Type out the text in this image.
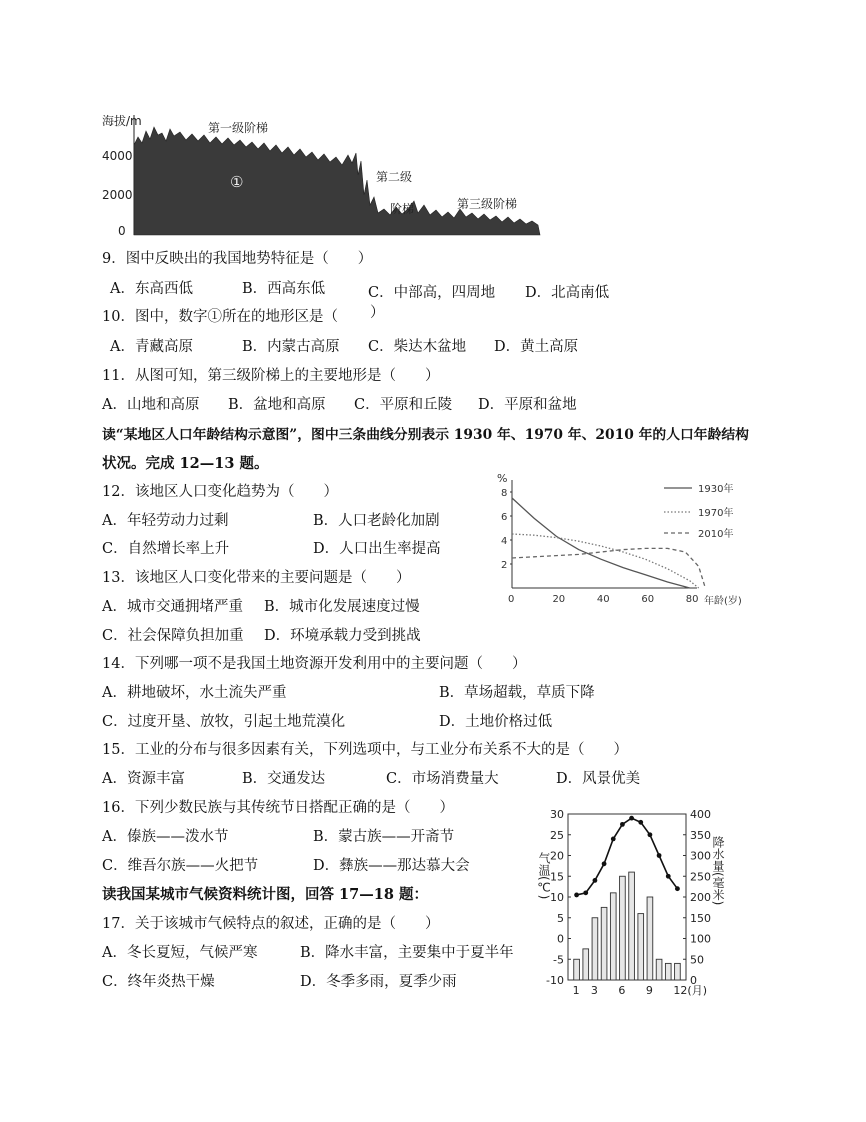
海拔/m
4000
2000
0
第一级阶梯
①	第二级
阶梯	第三级阶梯
9．图中反映出的我国地势特征是（　　）
A．东高西低	B．西高东低	C．中部高，四周地 D．北高南低
10．图中，数字①所在的地形区是（ ）
A．青藏高原	B．内蒙古高原 C．柴达木盆地 D．黄土高原
11．从图可知，第三级阶梯上的主要地形是（　　）
A．山地和高原 B．盆地和高原 C．平原和丘陵 D．平原和盆地
读“某地区人口年龄结构示意图”，图中三条曲线分别表示 1930 年、1970 年、2010 年的人口年龄结构
状况。完成 12—13 题。
%
年龄(岁)
0	20	40	60	80
8
6
4
2
1930年
1970年
2010年
12．该地区人口变化趋势为（　　）
A．年轻劳动力过剩	B．人口老龄化加剧
C．自然增长率上升	D．人口出生率提高
13．该地区人口变化带来的主要问题是（　　）
A．城市交通拥堵严重 B．城市化发展速度过慢
C．社会保障负担加重 D．环境承载力受到挑战
14．下列哪一项不是我国土地资源开发利用中的主要问题（　　）
A．耕地破坏，水土流失严重	B．草场超载，草质下降
C．过度开垦、放牧，引起土地荒漠化	D．土地价格过低
15．工业的分布与很多因素有关，下列选项中，与工业分布关系不大的是（　　）
A．资源丰富	B．交通发达	C．市场消费量大	D．风景优美
16．下列少数民族与其传统节日搭配正确的是（　　）
A．傣族——泼水节	B．蒙古族——开斋节
C．维吾尔族——火把节	D．彝族——那达慕大会
读我国某城市气候资料统计图，回答 17—18 题：
17．关于该城市气候特点的叙述，正确的是（　　）
A．冬长夏短，气候严寒	B．降水丰富，主要集中于夏半年
C．终年炎热干燥	D．冬季多雨，夏季少雨
30
25
20
15
10
5
0
-5
-10
400
350
300
250
200
150
100
50
0
1 3 6 9 12(月)
气温(℃)	降水量(毫米)
